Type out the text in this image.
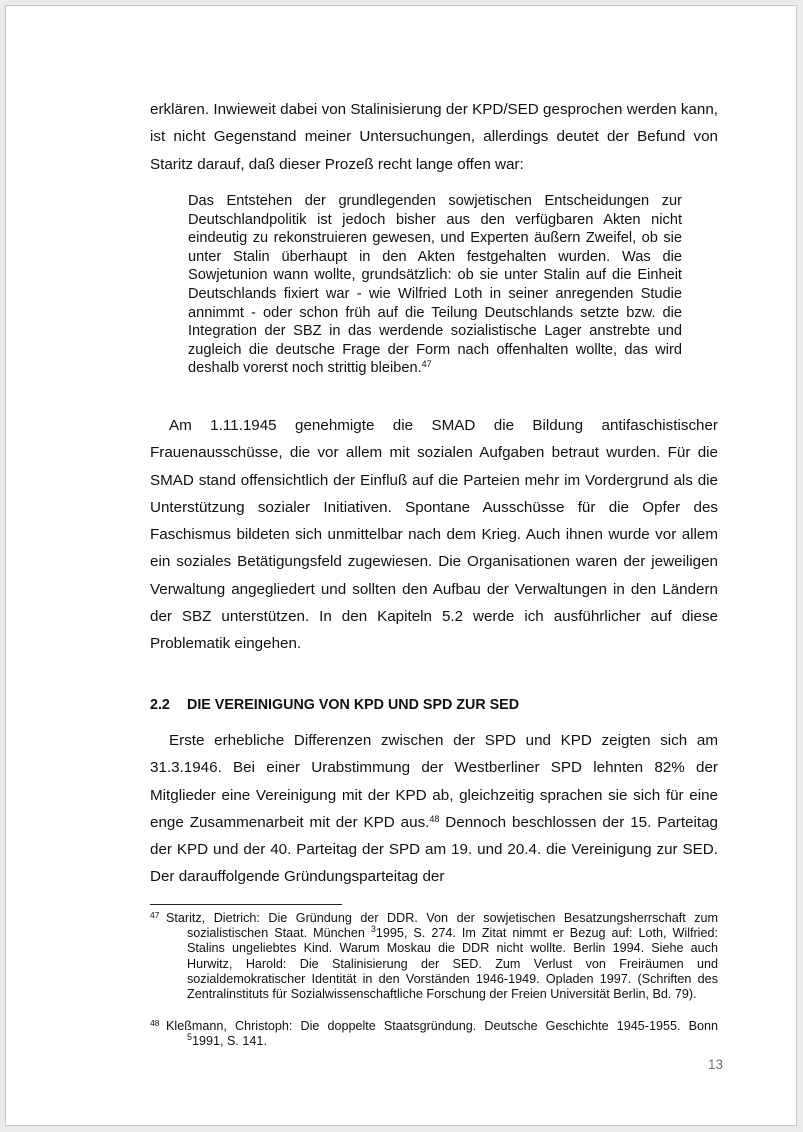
erklären. Inwieweit dabei von Stalinisierung der KPD/SED gesprochen werden kann, ist nicht Gegenstand meiner Untersuchungen, allerdings deutet der Befund von Staritz darauf, daß dieser Prozeß recht lange offen war:

Das Entstehen der grundlegenden sowjetischen Entscheidungen zur Deutschlandpolitik ist jedoch bisher aus den verfügbaren Akten nicht eindeutig zu rekonstruieren gewesen, und Experten äußern Zweifel, ob sie unter Stalin überhaupt in den Akten festgehalten wurden. Was die Sowjetunion wann wollte, grundsätzlich: ob sie unter Stalin auf die Einheit Deutschlands fixiert war - wie Wilfried Loth in seiner anregenden Studie annimmt - oder schon früh auf die Teilung Deutschlands setzte bzw. die Integration der SBZ in das werdende sozialistische Lager anstrebte und zugleich die deutsche Frage der Form nach offenhalten wollte, das wird deshalb vorerst noch strittig bleiben.$^{47}$

Am 1.11.1945 genehmigte die SMAD die Bildung antifaschistischer Frauenausschüsse, die vor allem mit sozialen Aufgaben betraut wurden. Für die SMAD stand offensichtlich der Einfluß auf die Parteien mehr im Vordergrund als die Unterstützung sozialer Initiativen. Spontane Ausschüsse für die Opfer des Faschismus bildeten sich unmittelbar nach dem Krieg. Auch ihnen wurde vor allem ein soziales Betätigungsfeld zugewiesen. Die Organisationen waren der jeweiligen Verwaltung angegliedert und sollten den Aufbau der Verwaltungen in den Ländern der SBZ unterstützen. In den Kapiteln 5.2 werde ich ausführlicher auf diese Problematik eingehen.

2.2 DIE VEREINIGUNG VON KPD UND SPD ZUR SED

Erste erhebliche Differenzen zwischen der SPD und KPD zeigten sich am 31.3.1946. Bei einer Urabstimmung der Westberliner SPD lehnten 82% der Mitglieder eine Vereinigung mit der KPD ab, gleichzeitig sprachen sie sich für eine enge Zusammenarbeit mit der KPD aus.$^{48}$ Dennoch beschlossen der 15. Parteitag der KPD und der 40. Parteitag der SPD am 19. und 20.4. die Vereinigung zur SED. Der darauffolgende Gründungsparteitag der

47 Staritz, Dietrich: Die Gründung der DDR. Von der sowjetischen Besatzungsherrschaft zum sozialistischen Staat. München $^3$1995, S. 274. Im Zitat nimmt er Bezug auf: Loth, Wilfried: Stalins ungeliebtes Kind. Warum Moskau die DDR nicht wollte. Berlin 1994. Siehe auch Hurwitz, Harold: Die Stalinisierung der SED. Zum Verlust von Freiräumen und sozialdemokratischer Identität in den Vorständen 1946-1949. Opladen 1997. (Schriften des Zentralinstituts für Sozialwissenschaftliche Forschung der Freien Universität Berlin, Bd. 79).
48 Kleßmann, Christoph: Die doppelte Staatsgründung. Deutsche Geschichte 1945-1955. Bonn $^5$1991, S. 141.
13
